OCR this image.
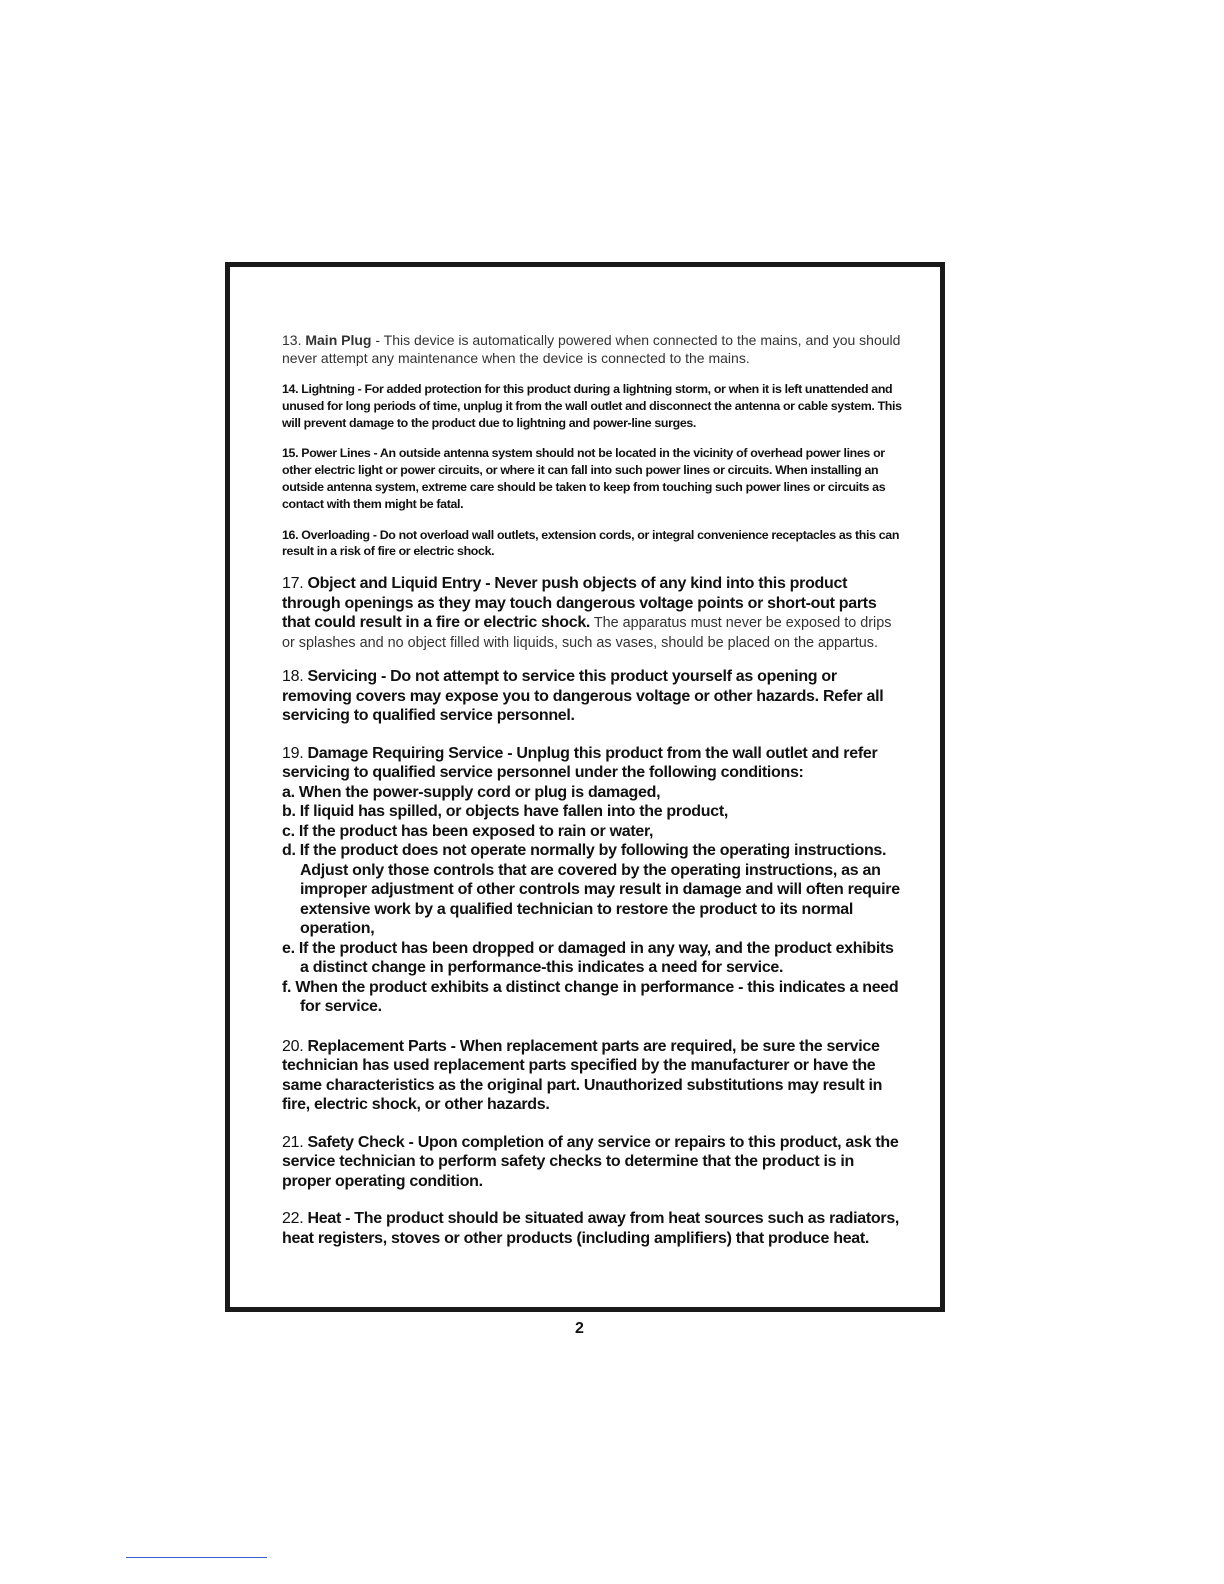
13. Main Plug - This device is automatically powered when connected to the mains, and you should never attempt any maintenance when the device is connected to the mains.

14. Lightning - For added protection for this product during a lightning storm, or when it is left unattended and unused for long periods of time, unplug it from the wall outlet and disconnect the antenna or cable system. This will prevent damage to the product due to lightning and power-line surges.

15. Power Lines - An outside antenna system should not be located in the vicinity of overhead power lines or other electric light or power circuits, or where it can fall into such power lines or circuits. When installing an outside antenna system, extreme care should be taken to keep from touching such power lines or circuits as contact with them might be fatal.

16. Overloading - Do not overload wall outlets, extension cords, or integral convenience receptacles as this can result in a risk of fire or electric shock.

17. Object and Liquid Entry - Never push objects of any kind into this product through openings as they may touch dangerous voltage points or short-out parts that could result in a fire or electric shock. The apparatus must never be exposed to drips or splashes and no object filled with liquids, such as vases, should be placed on the appartus.

18. Servicing - Do not attempt to service this product yourself as opening or removing covers may expose you to dangerous voltage or other hazards. Refer all servicing to qualified service personnel.

19. Damage Requiring Service - Unplug this product from the wall outlet and refer servicing to qualified service personnel under the following conditions:

a. When the power-supply cord or plug is damaged,

b. If liquid has spilled, or objects have fallen into the product,

c. If the product has been exposed to rain or water,

d. If the product does not operate normally by following the operating instructions. Adjust only those controls that are covered by the operating instructions, as an improper adjustment of other controls may result in damage and will often require extensive work by a qualified technician to restore the product to its normal operation,

e. If the product has been dropped or damaged in any way, and the product exhibits a distinct change in performance-this indicates a need for service.

f. When the product exhibits a distinct change in performance - this indicates a need for service.

20. Replacement Parts - When replacement parts are required, be sure the service technician has used replacement parts specified by the manufacturer or have the same characteristics as the original part. Unauthorized substitutions may result in fire, electric shock, or other hazards.

21. Safety Check - Upon completion of any service or repairs to this product, ask the service technician to perform safety checks to determine that the product is in proper operating condition.

22. Heat - The product should be situated away from heat sources such as radiators, heat registers, stoves or other products (including amplifiers) that produce heat.

2
